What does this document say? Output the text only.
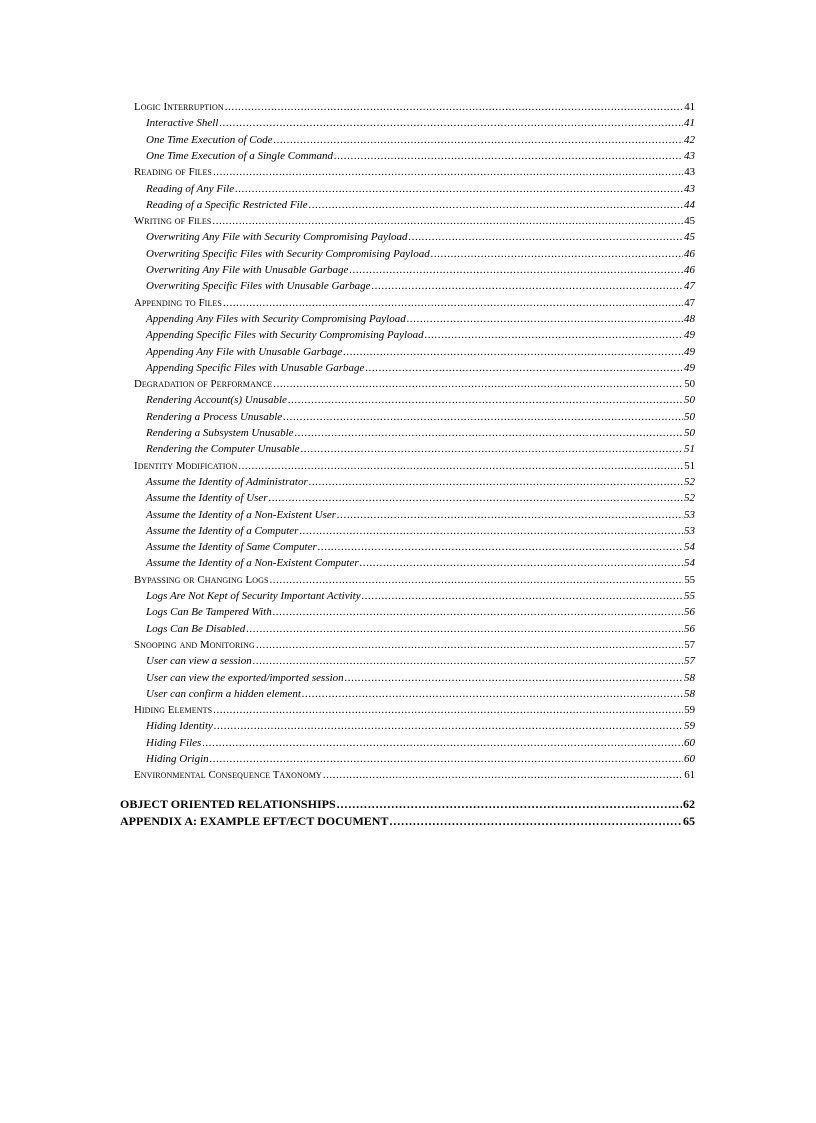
Logic Interruption .....	41
Interactive Shell .....	41
One Time Execution of Code .....	42
One Time Execution of a Single Command .....	43
Reading of Files .....	43
Reading of Any File .....	43
Reading of a Specific Restricted File .....	44
Writing of Files .....	45
Overwriting Any File with Security Compromising Payload .....	45
Overwriting Specific Files with Security Compromising Payload .....	46
Overwriting Any File with Unusable Garbage .....	46
Overwriting Specific Files with Unusable Garbage .....	47
Appending to Files .....	47
Appending Any Files with Security Compromising Payload .....	48
Appending Specific Files with Security Compromising Payload .....	49
Appending Any File with Unusable Garbage .....	49
Appending Specific Files with Unusable Garbage .....	49
Degradation of Performance .....	50
Rendering Account(s) Unusable .....	50
Rendering a Process Unusable .....	50
Rendering a Subsystem Unusable .....	50
Rendering the Computer Unusable .....	51
Identity Modification .....	51
Assume the Identity of Administrator .....	52
Assume the Identity of User .....	52
Assume the Identity of a Non-Existent User .....	53
Assume the Identity of a Computer .....	53
Assume the Identity of Same Computer .....	54
Assume the Identity of a Non-Existent Computer .....	54
Bypassing or Changing Logs .....	55
Logs Are Not Kept of Security Important Activity .....	55
Logs Can Be Tampered With .....	56
Logs Can Be Disabled .....	56
Snooping and Monitoring .....	57
User can view a session .....	57
User can view the exported/imported session .....	58
User can confirm a hidden element .....	58
Hiding Elements .....	59
Hiding Identity .....	59
Hiding Files .....	60
Hiding Origin .....	60
Environmental Consequence Taxonomy .....	61
OBJECT ORIENTED RELATIONSHIPS .....	62
APPENDIX A: EXAMPLE EFT/ECT DOCUMENT .....	65
